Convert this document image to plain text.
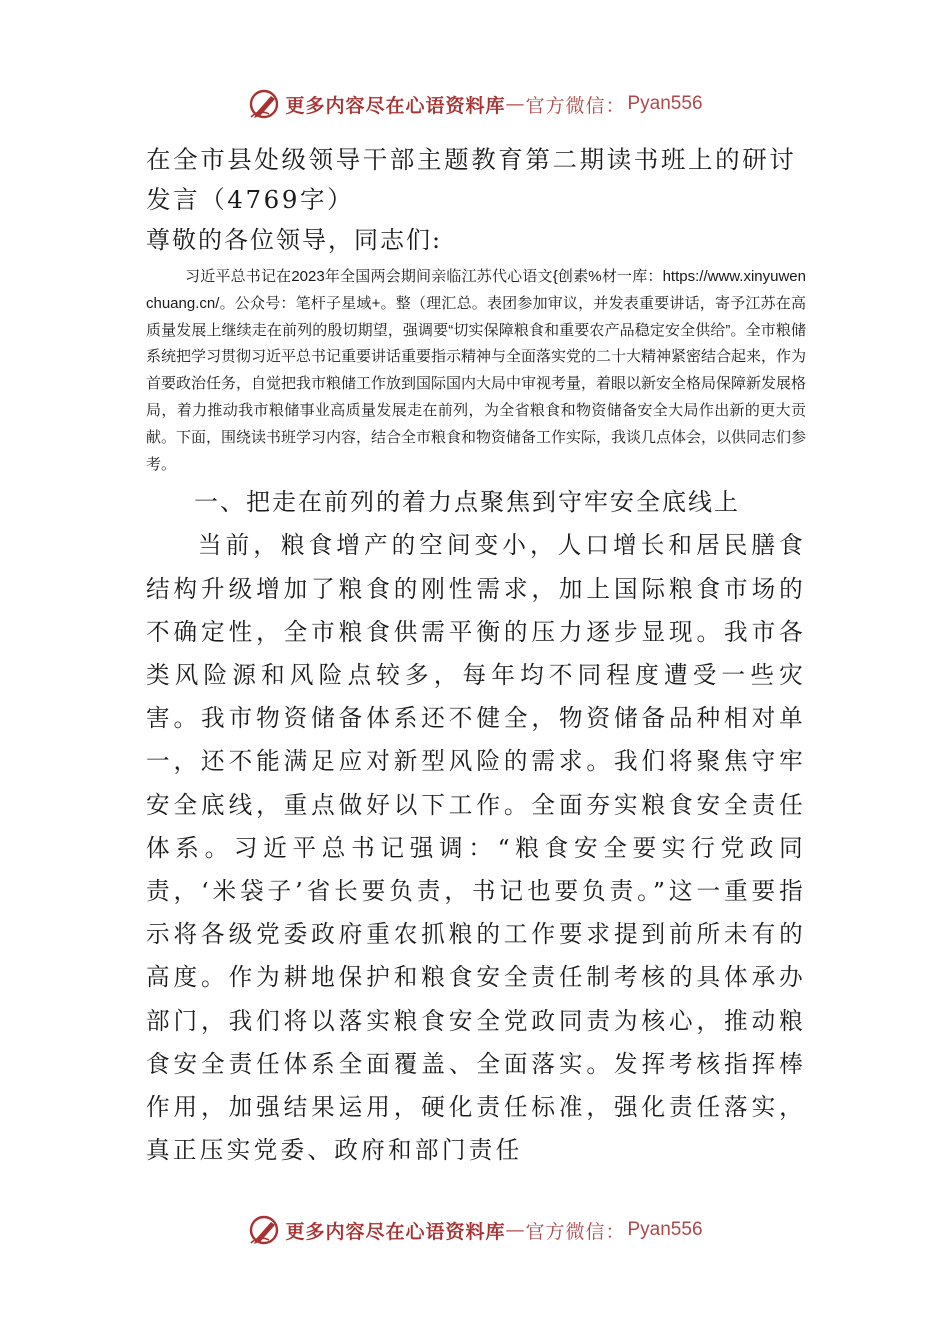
更多内容尽在心语资料库 — 官方微信： Pyan556
在全市县处级领导干部主题教育第二期读书班上的研讨发言（4769字）

尊敬的各位领导，同志们:

习近平总书记在2023年全国两会期间亲临江苏代心语文{创素%材一库：https://www.xinyuwenchuang.cn/。公众号：笔杆子星域+。整（理汇总。表团参加审议，并发表重要讲话，寄予江苏在高质量发展上继续走在前列的殷切期望，强调要“切实保障粮食和重要农产品稳定安全供给”。全市粮储系统把学习贯彻习近平总书记重要讲话重要指示精神与全面落实党的二十大精神紧密结合起来，作为首要政治任务，自觉把我市粮储工作放到国际国内大局中审视考量，着眼以新安全格局保障新发展格局，着力推动我市粮储事业高质量发展走在前列，为全省粮食和物资储备安全大局作出新的更大贡献。下面，围绕读书班学习内容，结合全市粮食和物资储备工作实际，我谈几点体会，以供同志们参考。

一、把走在前列的着力点聚焦到守牢安全底线上

当前，粮食增产的空间变小，人口增长和居民膳食结构升级增加了粮食的刚性需求，加上国际粮食市场的不确定性，全市粮食供需平衡的压力逐步显现。我市各类风险源和风险点较多，每年均不同程度遭受一些灾害。我市物资储备体系还不健全，物资储备品种相对单一，还不能满足应对新型风险的需求。我们将聚焦守牢安全底线，重点做好以下工作。全面夯实粮食安全责任体系。习近平总书记强调：“粮食安全要实行党政同责，‘米袋子’省长要负责，书记也要负责。”这一重要指示将各级党委政府重农抓粮的工作要求提到前所未有的高度。作为耕地保护和粮食安全责任制考核的具体承办部门，我们将以落实粮食安全党政同责为核心，推动粮食安全责任体系全面覆盖、全面落实。发挥考核指挥棒作用，加强结果运用，硬化责任标准，强化责任落实，真正压实党委、政府和部门责任

更多内容尽在心语资料库 — 官方微信： Pyan556
